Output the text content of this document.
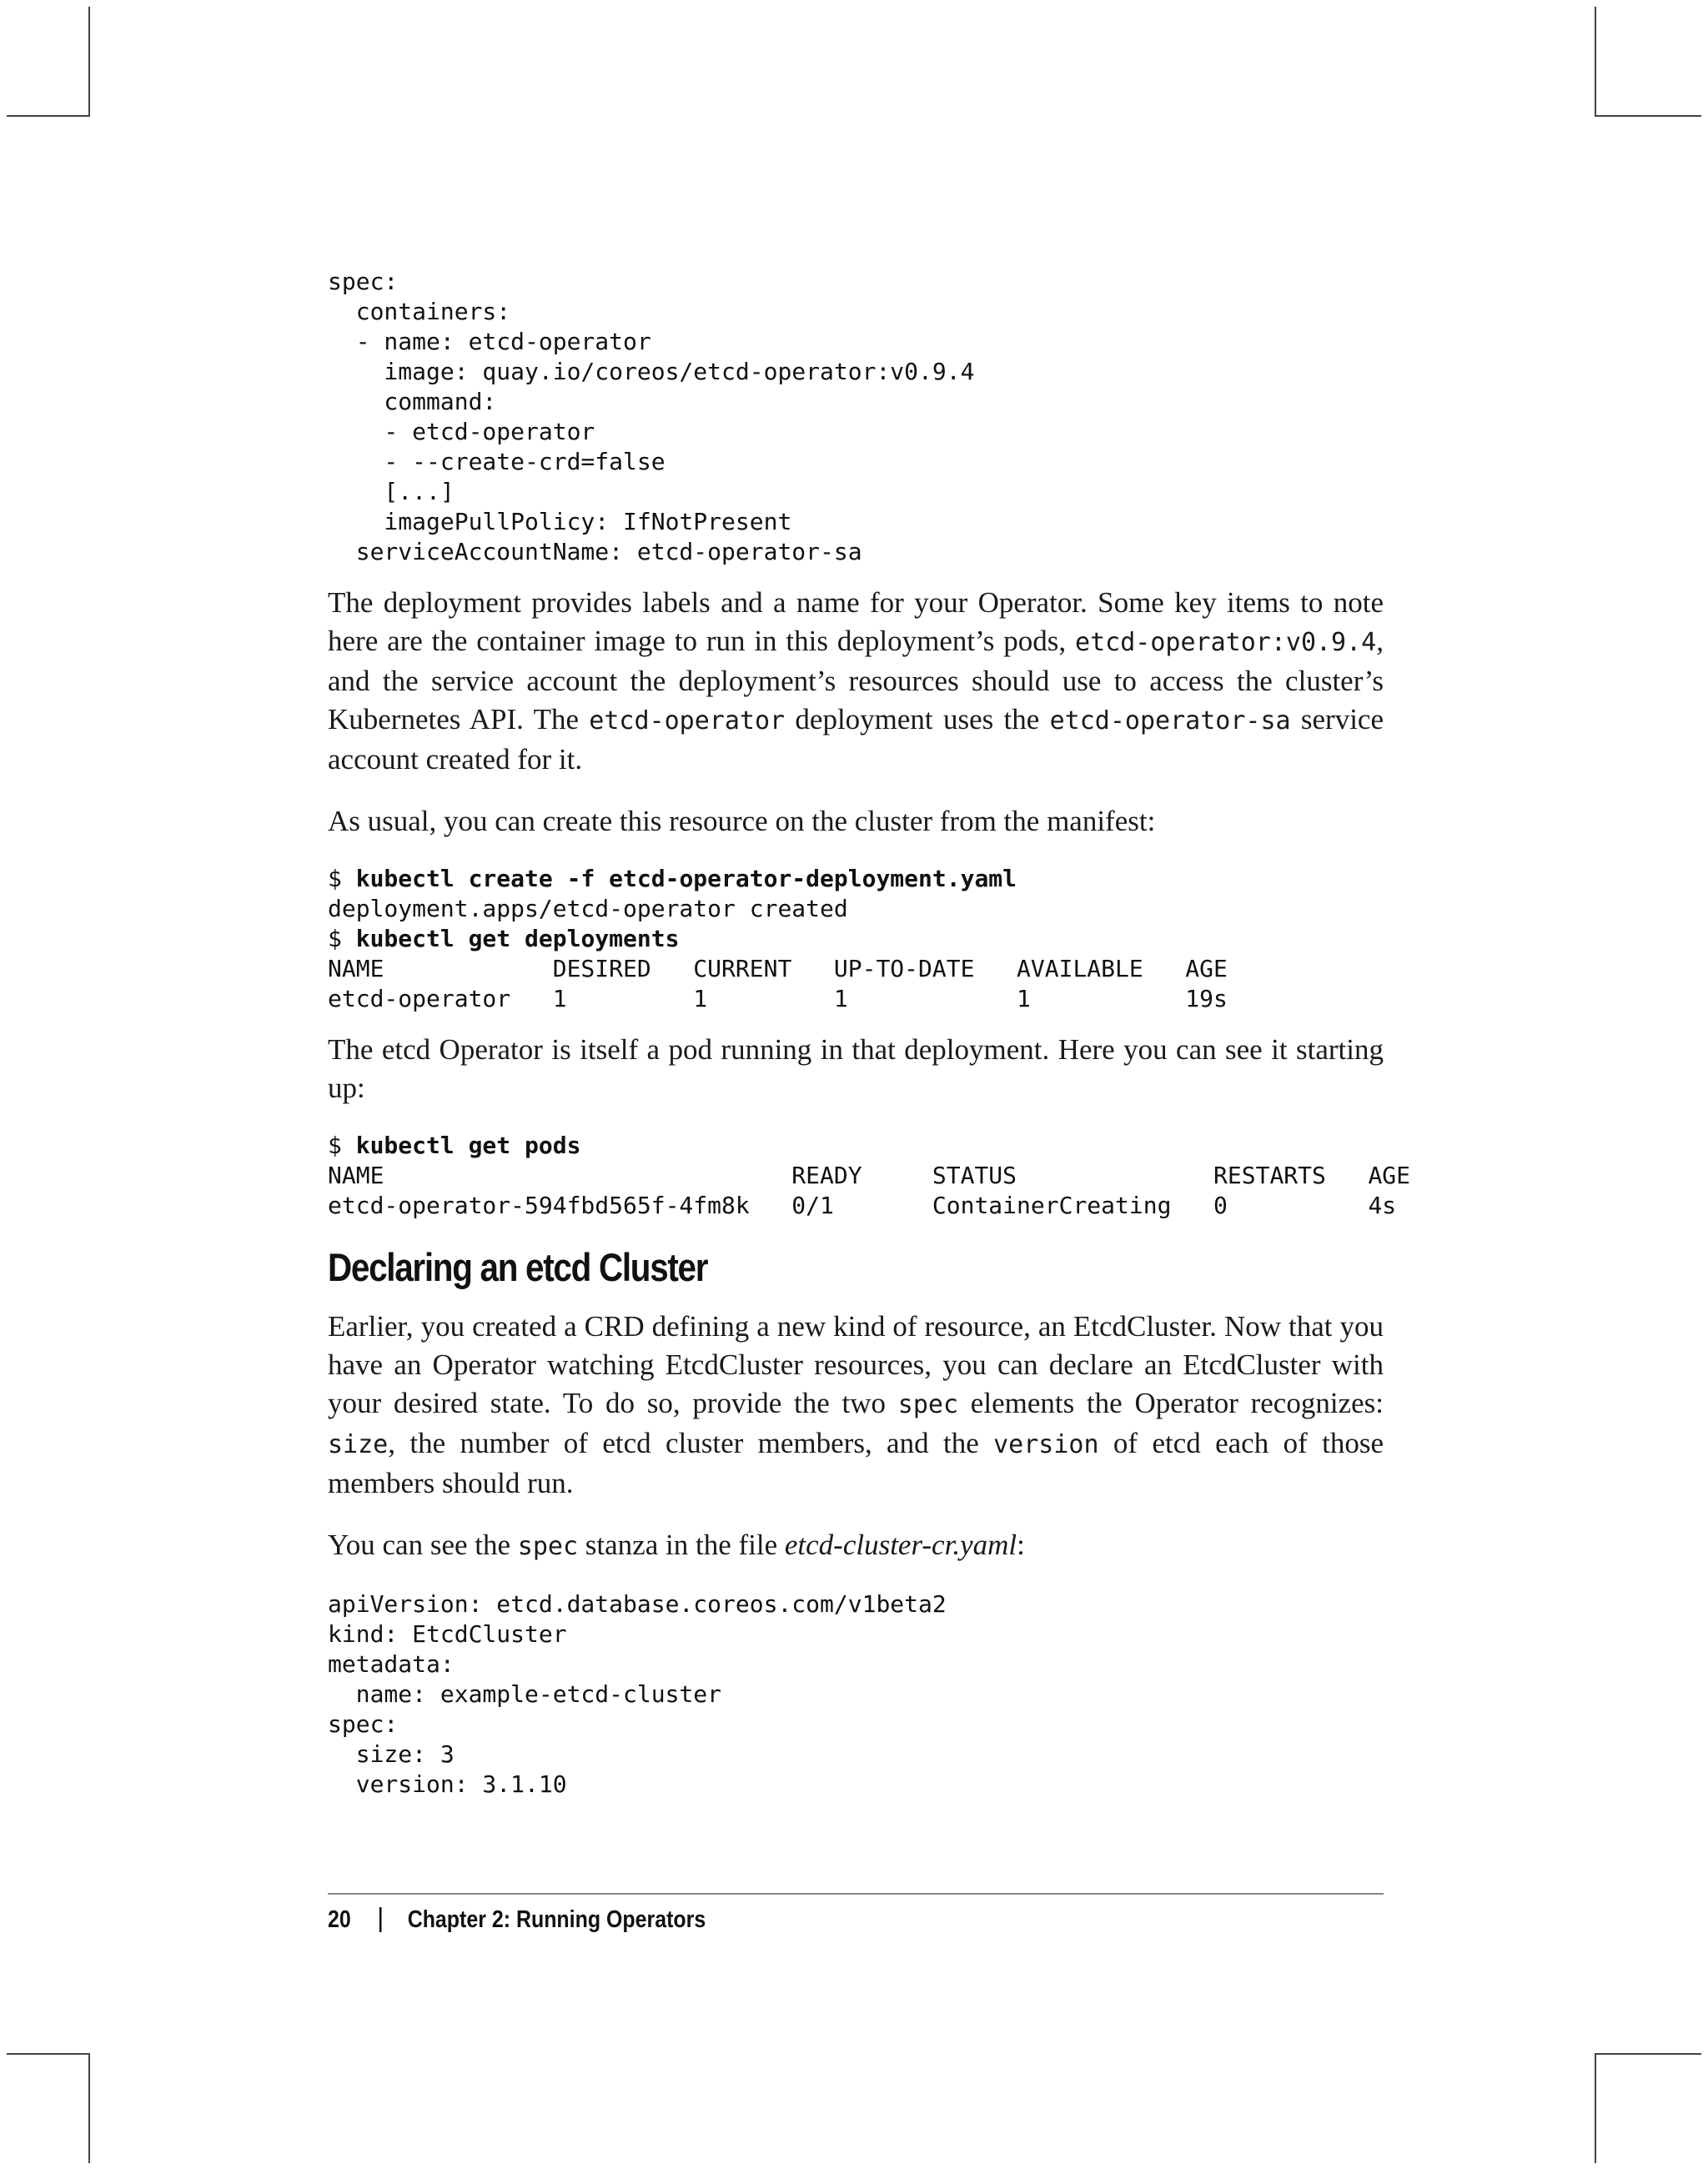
spec:
containers:
- name: etcd-operator
image: quay.io/coreos/etcd-operator:v0.9.4
command:
- etcd-operator
- --create-crd=false
[...]
imagePullPolicy: IfNotPresent
serviceAccountName: etcd-operator-sa

The deployment provides labels and a name for your Operator. Some key items to note here are the container image to run in this deployment’s pods, etcd-operator:v0.9.4, and the service account the deployment’s resources should use to access the cluster’s Kubernetes API. The etcd-operator deployment uses the etcd-operator-sa service account created for it.

As usual, you can create this resource on the cluster from the manifest:

$ kubectl create -f etcd-operator-deployment.yaml
deployment.apps/etcd-operator created
$ kubectl get deployments
NAME            DESIRED   CURRENT   UP-TO-DATE   AVAILABLE   AGE
etcd-operator   1         1         1            1           19s

The etcd Operator is itself a pod running in that deployment. Here you can see it starting up:

$ kubectl get pods
NAME                             READY     STATUS              RESTARTS   AGE
etcd-operator-594fbd565f-4fm8k   0/1       ContainerCreating   0          4s
Declaring an etcd Cluster

Earlier, you created a CRD defining a new kind of resource, an EtcdCluster. Now that you have an Operator watching EtcdCluster resources, you can declare an EtcdCluster with your desired state. To do so, provide the two spec elements the Operator recognizes: size, the number of etcd cluster members, and the version of etcd each of those members should run.

You can see the spec stanza in the file etcd-cluster-cr.yaml:

apiVersion: etcd.database.coreos.com/v1beta2
kind: EtcdCluster
metadata:
name: example-etcd-cluster
spec:
size: 3
version: 3.1.10
20 Chapter 2: Running Operators
